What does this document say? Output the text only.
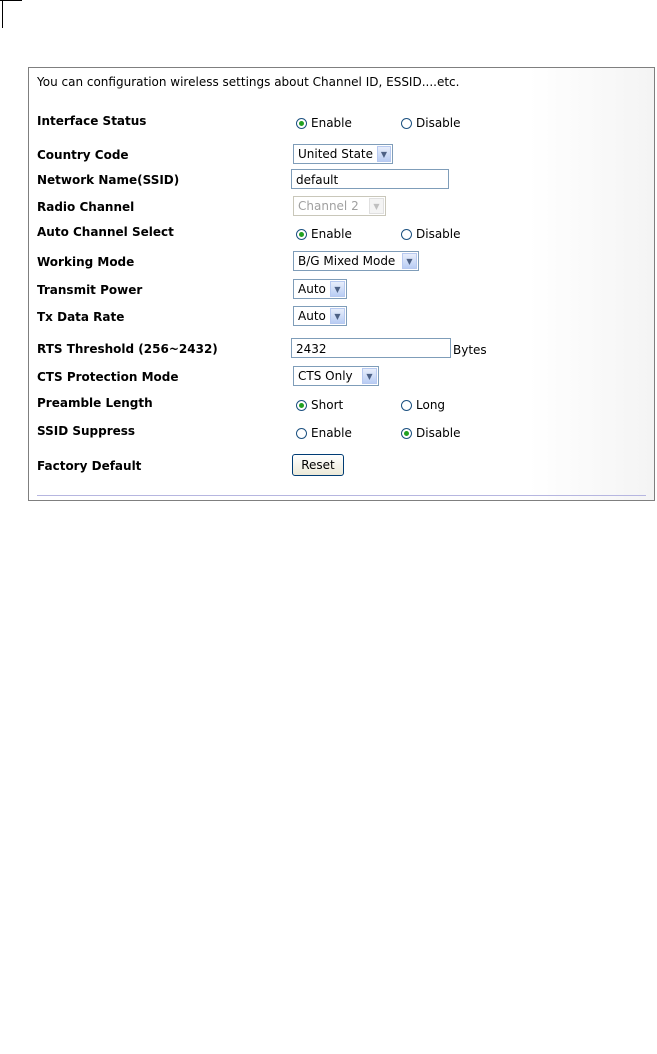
You can configuration wireless settings about Channel ID, ESSID....etc.
Interface Status	Enable	Disable
Country Code	United State ▼
Network Name(SSID)	default
Radio Channel	Channel 2	▼
Auto Channel Select	Enable	Disable
Working Mode	B/G Mixed Mode	▼
Transmit Power	Auto	▼
Tx Data Rate	Auto	▼
RTS Threshold (256~2432)	2432	Bytes
CTS Protection Mode	CTS Only	▼
Preamble Length	Short	Long
SSID Suppress	Enable	Disable
Factory Default	Reset
